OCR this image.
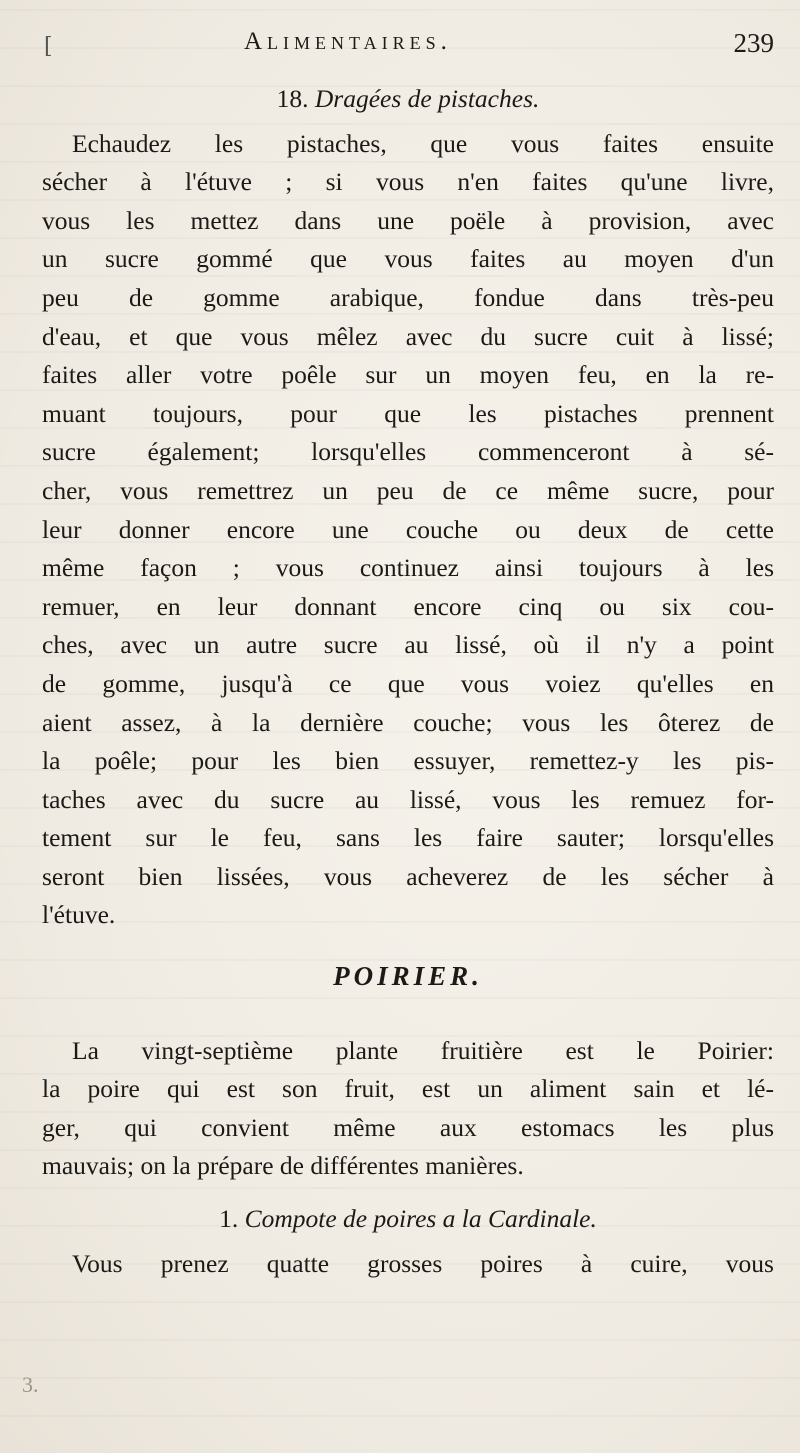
[	Alimentaires.	239

18. Dragées de pistaches.

Echaudez les pistaches, que vous faites ensuite
sécher à l'étuve ; si vous n'en faites qu'une livre,
vous les mettez dans une poële à provision, avec
un sucre gommé que vous faites au moyen d'un
peu de gomme arabique, fondue dans très-peu
d'eau, et que vous mêlez avec du sucre cuit à lissé;
faites aller votre poêle sur un moyen feu, en la re-
muant toujours, pour que les pistaches prennent
sucre également; lorsqu'elles commenceront à sé-
cher, vous remettrez un peu de ce même sucre, pour
leur donner encore une couche ou deux de cette
même façon ; vous continuez ainsi toujours à les
remuer, en leur donnant encore cinq ou six cou-
ches, avec un autre sucre au lissé, où il n'y a point
de gomme, jusqu'à ce que vous voiez qu'elles en
aient assez, à la dernière couche; vous les ôterez de
la poêle; pour les bien essuyer, remettez-y les pis-
taches avec du sucre au lissé, vous les remuez for-
tement sur le feu, sans les faire sauter; lorsqu'elles
seront bien lissées, vous acheverez de les sécher à
l'étuve.
POIRIER.
La vingt-septième plante fruitière est le Poirier:
la poire qui est son fruit, est un aliment sain et lé-
ger, qui convient même aux estomacs les plus
mauvais; on la prépare de différentes manières.

1. Compote de poires a la Cardinale.

Vous prenez quatte grosses poires à cuire, vous
3.
